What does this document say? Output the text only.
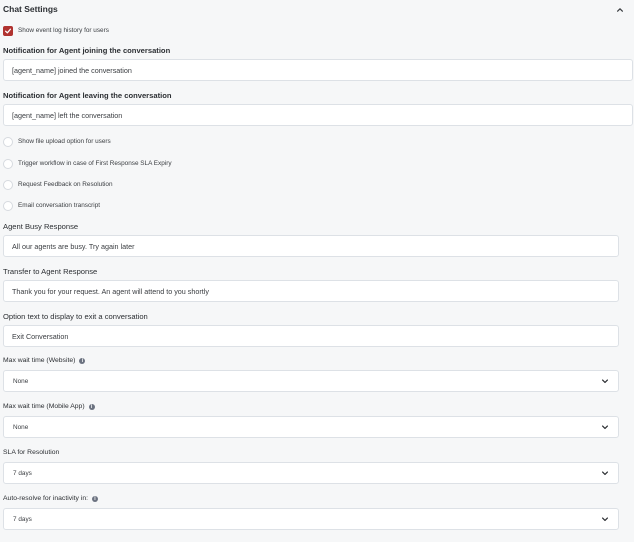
Chat Settings
Show event log history for users
Notification for Agent joining the conversation
[agent_name] joined the conversation
Notification for Agent leaving the conversation
[agent_name] left the conversation
Show file upload option for users
Trigger workflow in case of First Response SLA Expiry
Request Feedback on Resolution
Email conversation transcript
Agent Busy Response
All our agents are busy. Try again later
Transfer to Agent Response
Thank you for your request. An agent will attend to you shortly
Option text to display to exit a conversation
Exit Conversation
Max wait time (Website)	i
None
Max wait time (Mobile App)	i
None
SLA for Resolution
7 days
Auto-resolve for inactivity in:	i
7 days
